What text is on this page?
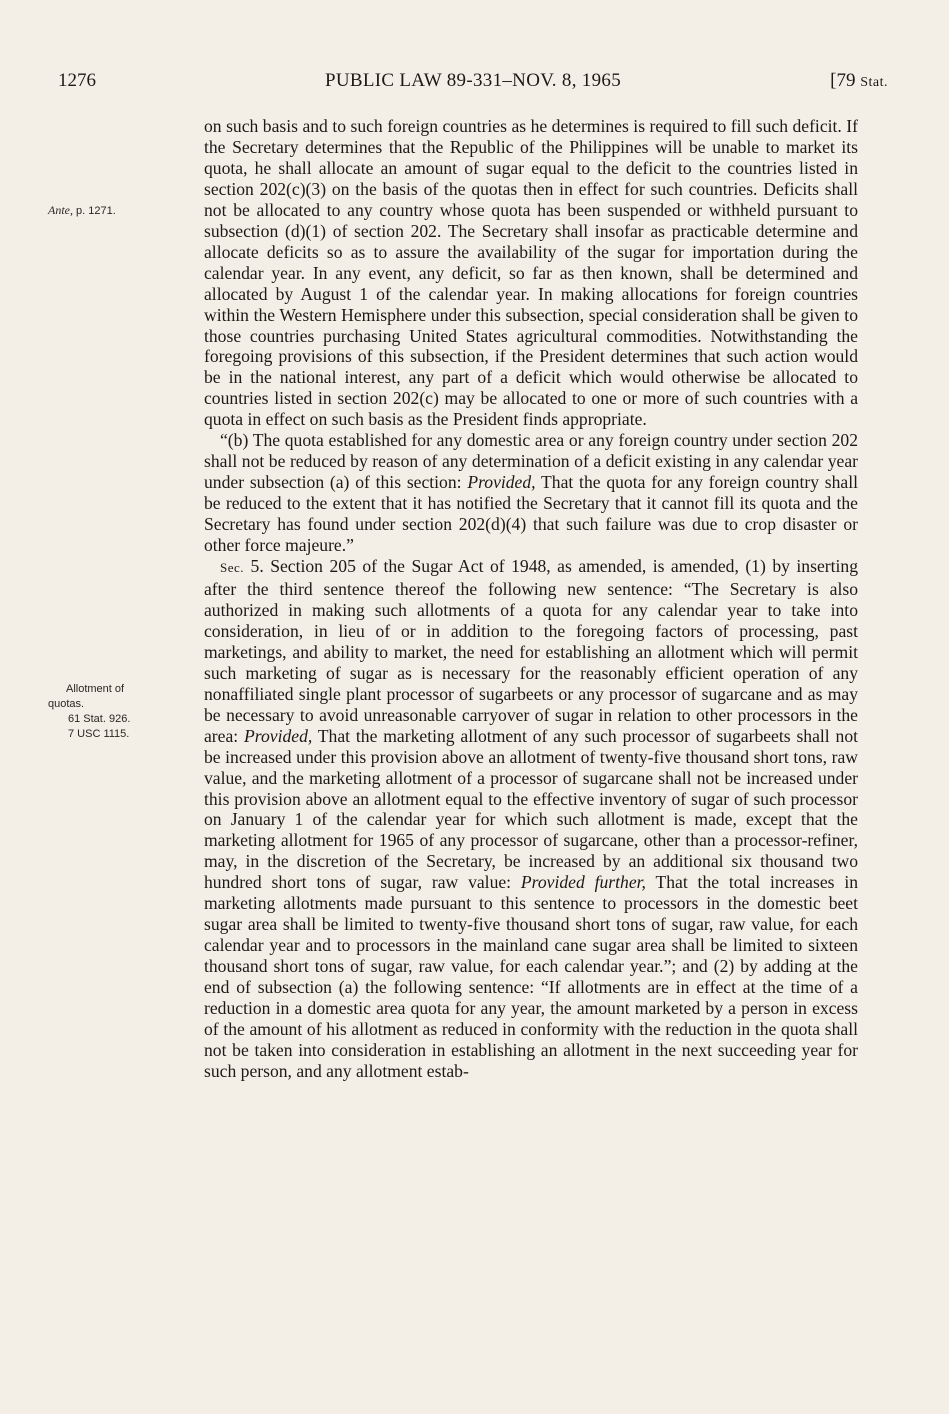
1276	PUBLIC LAW 89-331–NOV. 8, 1965	[79 Stat.
Ante, p. 1271.
Allotment of
quotas.
61 Stat. 926.
7 USC 1115.

on such basis and to such foreign countries as he determines is required to fill such deficit. If the Secretary determines that the Republic of the Philippines will be unable to market its quota, he shall allocate an amount of sugar equal to the deficit to the countries listed in section 202(c)(3) on the basis of the quotas then in effect for such countries. Deficits shall not be allocated to any country whose quota has been suspended or withheld pursuant to subsection (d)(1) of section 202. The Secretary shall insofar as practicable determine and allocate deficits so as to assure the availability of the sugar for importation during the calendar year. In any event, any deficit, so far as then known, shall be determined and allocated by August 1 of the calendar year. In making allocations for foreign countries within the Western Hemisphere under this subsection, special consideration shall be given to those countries purchasing United States agricultural commodities. Notwithstanding the foregoing provisions of this subsection, if the President determines that such action would be in the national interest, any part of a deficit which would otherwise be allocated to countries listed in section 202(c) may be allocated to one or more of such countries with a quota in effect on such basis as the President finds appropriate.

“(b) The quota established for any domestic area or any foreign country under section 202 shall not be reduced by reason of any determination of a deficit existing in any calendar year under subsection (a) of this section: Provided, That the quota for any foreign country shall be reduced to the extent that it has notified the Secretary that it cannot fill its quota and the Secretary has found under section 202(d)(4) that such failure was due to crop disaster or other force majeure.”

Sec. 5. Section 205 of the Sugar Act of 1948, as amended, is amended, (1) by inserting after the third sentence thereof the following new sentence: “The Secretary is also authorized in making such allotments of a quota for any calendar year to take into consideration, in lieu of or in addition to the foregoing factors of processing, past marketings, and ability to market, the need for establishing an allotment which will permit such marketing of sugar as is necessary for the reasonably efficient operation of any nonaffiliated single plant processor of sugarbeets or any processor of sugarcane and as may be necessary to avoid unreasonable carryover of sugar in relation to other processors in the area: Provided, That the marketing allotment of any such processor of sugarbeets shall not be increased under this provision above an allotment of twenty-five thousand short tons, raw value, and the marketing allotment of a processor of sugarcane shall not be increased under this provision above an allotment equal to the effective inventory of sugar of such processor on January 1 of the calendar year for which such allotment is made, except that the marketing allotment for 1965 of any processor of sugarcane, other than a processor-refiner, may, in the discretion of the Secretary, be increased by an additional six thousand two hundred short tons of sugar, raw value: Provided further, That the total increases in marketing allotments made pursuant to this sentence to processors in the domestic beet sugar area shall be limited to twenty-five thousand short tons of sugar, raw value, for each calendar year and to processors in the mainland cane sugar area shall be limited to sixteen thousand short tons of sugar, raw value, for each calendar year.”; and (2) by adding at the end of subsection (a) the following sentence: “If allotments are in effect at the time of a reduction in a domestic area quota for any year, the amount marketed by a person in excess of the amount of his allotment as reduced in conformity with the reduction in the quota shall not be taken into consideration in establishing an allotment in the next succeeding year for such person, and any allotment estab-
